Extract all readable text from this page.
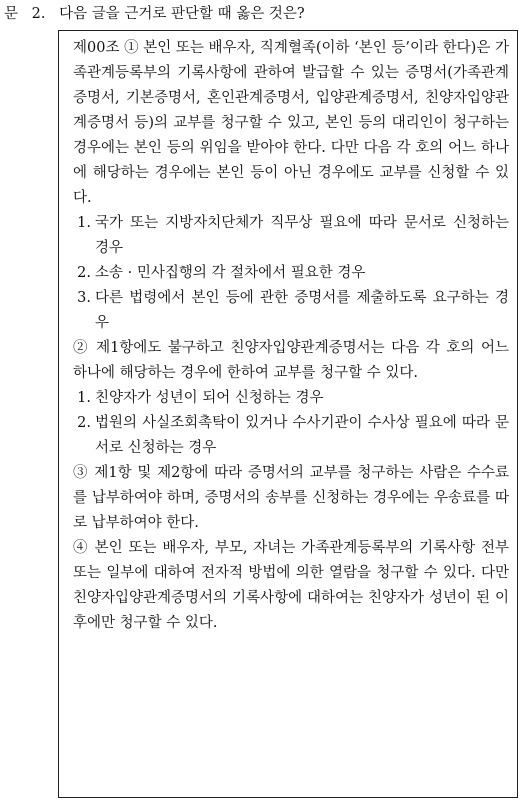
문 2. 다음 글을 근거로 판단할 때 옳은 것은?
제00조 ① 본인 또는 배우자, 직계혈족(이하 ‘본인 등’이라 한다)은 가족관계등록부의 기록사항에 관하여 발급할 수 있는 증명서(가족관계증명서, 기본증명서, 혼인관계증명서, 입양관계증명서, 친양자입양관계증명서 등)의 교부를 청구할 수 있고, 본인 등의 대리인이 청구하는 경우에는 본인 등의 위임을 받아야 한다. 다만 다음 각 호의 어느 하나에 해당하는 경우에는 본인 등이 아닌 경우에도 교부를 신청할 수 있다.
1. 국가 또는 지방자치단체가 직무상 필요에 따라 문서로 신청하는 경우
2. 소송 · 민사집행의 각 절차에서 필요한 경우
3. 다른 법령에서 본인 등에 관한 증명서를 제출하도록 요구하는 경우
② 제1항에도 불구하고 친양자입양관계증명서는 다음 각 호의 어느 하나에 해당하는 경우에 한하여 교부를 청구할 수 있다.
1. 친양자가 성년이 되어 신청하는 경우
2. 법원의 사실조회촉탁이 있거나 수사기관이 수사상 필요에 따라 문서로 신청하는 경우
③ 제1항 및 제2항에 따라 증명서의 교부를 청구하는 사람은 수수료를 납부하여야 하며, 증명서의 송부를 신청하는 경우에는 우송료를 따로 납부하여야 한다.
④ 본인 또는 배우자, 부모, 자녀는 가족관계등록부의 기록사항 전부 또는 일부에 대하여 전자적 방법에 의한 열람을 청구할 수 있다. 다만 친양자입양관계증명서의 기록사항에 대하여는 친양자가 성년이 된 이후에만 청구할 수 있다.
